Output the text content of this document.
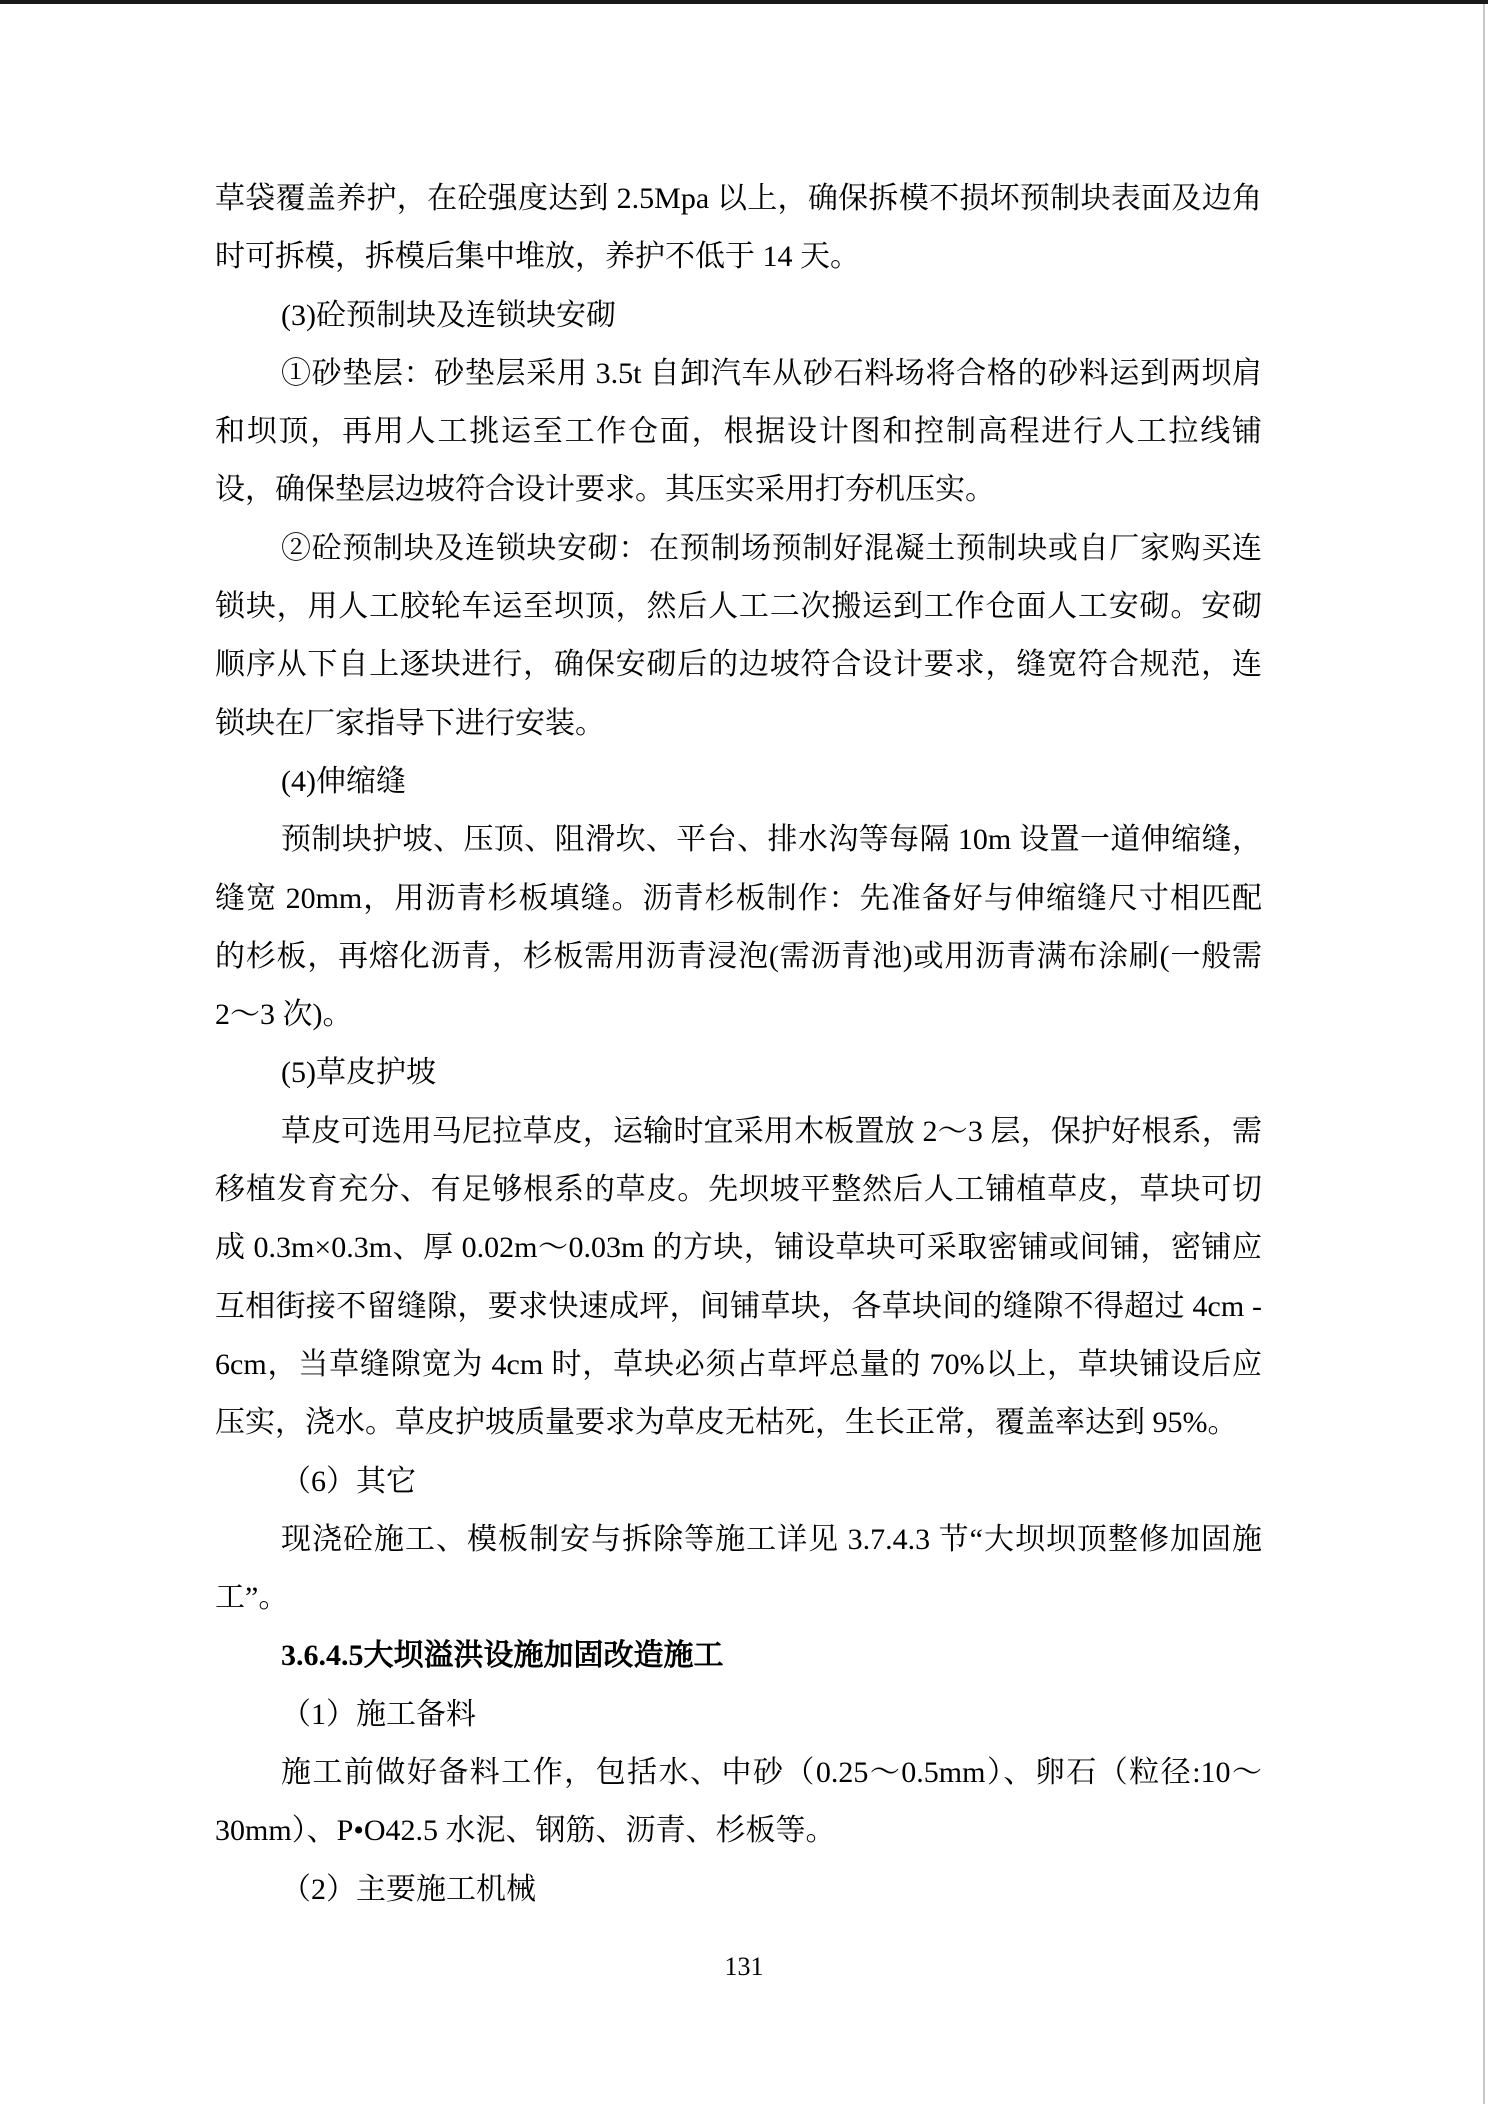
草袋覆盖养护，在砼强度达到 2.5Mpa 以上，确保拆模不损坏预制块表面及边角
时可拆模，拆模后集中堆放，养护不低于 14 天。
(3)砼预制块及连锁块安砌
①砂垫层：砂垫层采用 3.5t 自卸汽车从砂石料场将合格的砂料运到两坝肩
和坝顶，再用人工挑运至工作仓面，根据设计图和控制高程进行人工拉线铺
设，确保垫层边坡符合设计要求。其压实采用打夯机压实。
②砼预制块及连锁块安砌：在预制场预制好混凝土预制块或自厂家购买连
锁块，用人工胶轮车运至坝顶，然后人工二次搬运到工作仓面人工安砌。安砌
顺序从下自上逐块进行，确保安砌后的边坡符合设计要求，缝宽符合规范，连
锁块在厂家指导下进行安装。
(4)伸缩缝
预制块护坡、压顶、阻滑坎、平台、排水沟等每隔 10m 设置一道伸缩缝，
缝宽 20mm，用沥青杉板填缝。沥青杉板制作：先准备好与伸缩缝尺寸相匹配
的杉板，再熔化沥青，杉板需用沥青浸泡(需沥青池)或用沥青满布涂刷(一般需
2～3 次)。
(5)草皮护坡
草皮可选用马尼拉草皮，运输时宜采用木板置放 2～3 层，保护好根系，需
移植发育充分、有足够根系的草皮。先坝坡平整然后人工铺植草皮，草块可切
成 0.3m×0.3m、厚 0.02m～0.03m 的方块，铺设草块可采取密铺或间铺，密铺应
互相街接不留缝隙，要求快速成坪，间铺草块，各草块间的缝隙不得超过 4cm -
6cm，当草缝隙宽为 4cm 时，草块必须占草坪总量的 70%以上，草块铺设后应
压实，浇水。草皮护坡质量要求为草皮无枯死，生长正常，覆盖率达到 95%。
（6）其它
现浇砼施工、模板制安与拆除等施工详见 3.7.4.3 节“大坝坝顶整修加固施
工”。
3.6.4.5大坝溢洪设施加固改造施工
（1）施工备料
施工前做好备料工作，包括水、中砂（0.25～0.5mm）、卵石（粒径:10～
30mm）、P•O42.5 水泥、钢筋、沥青、杉板等。
（2）主要施工机械
131
